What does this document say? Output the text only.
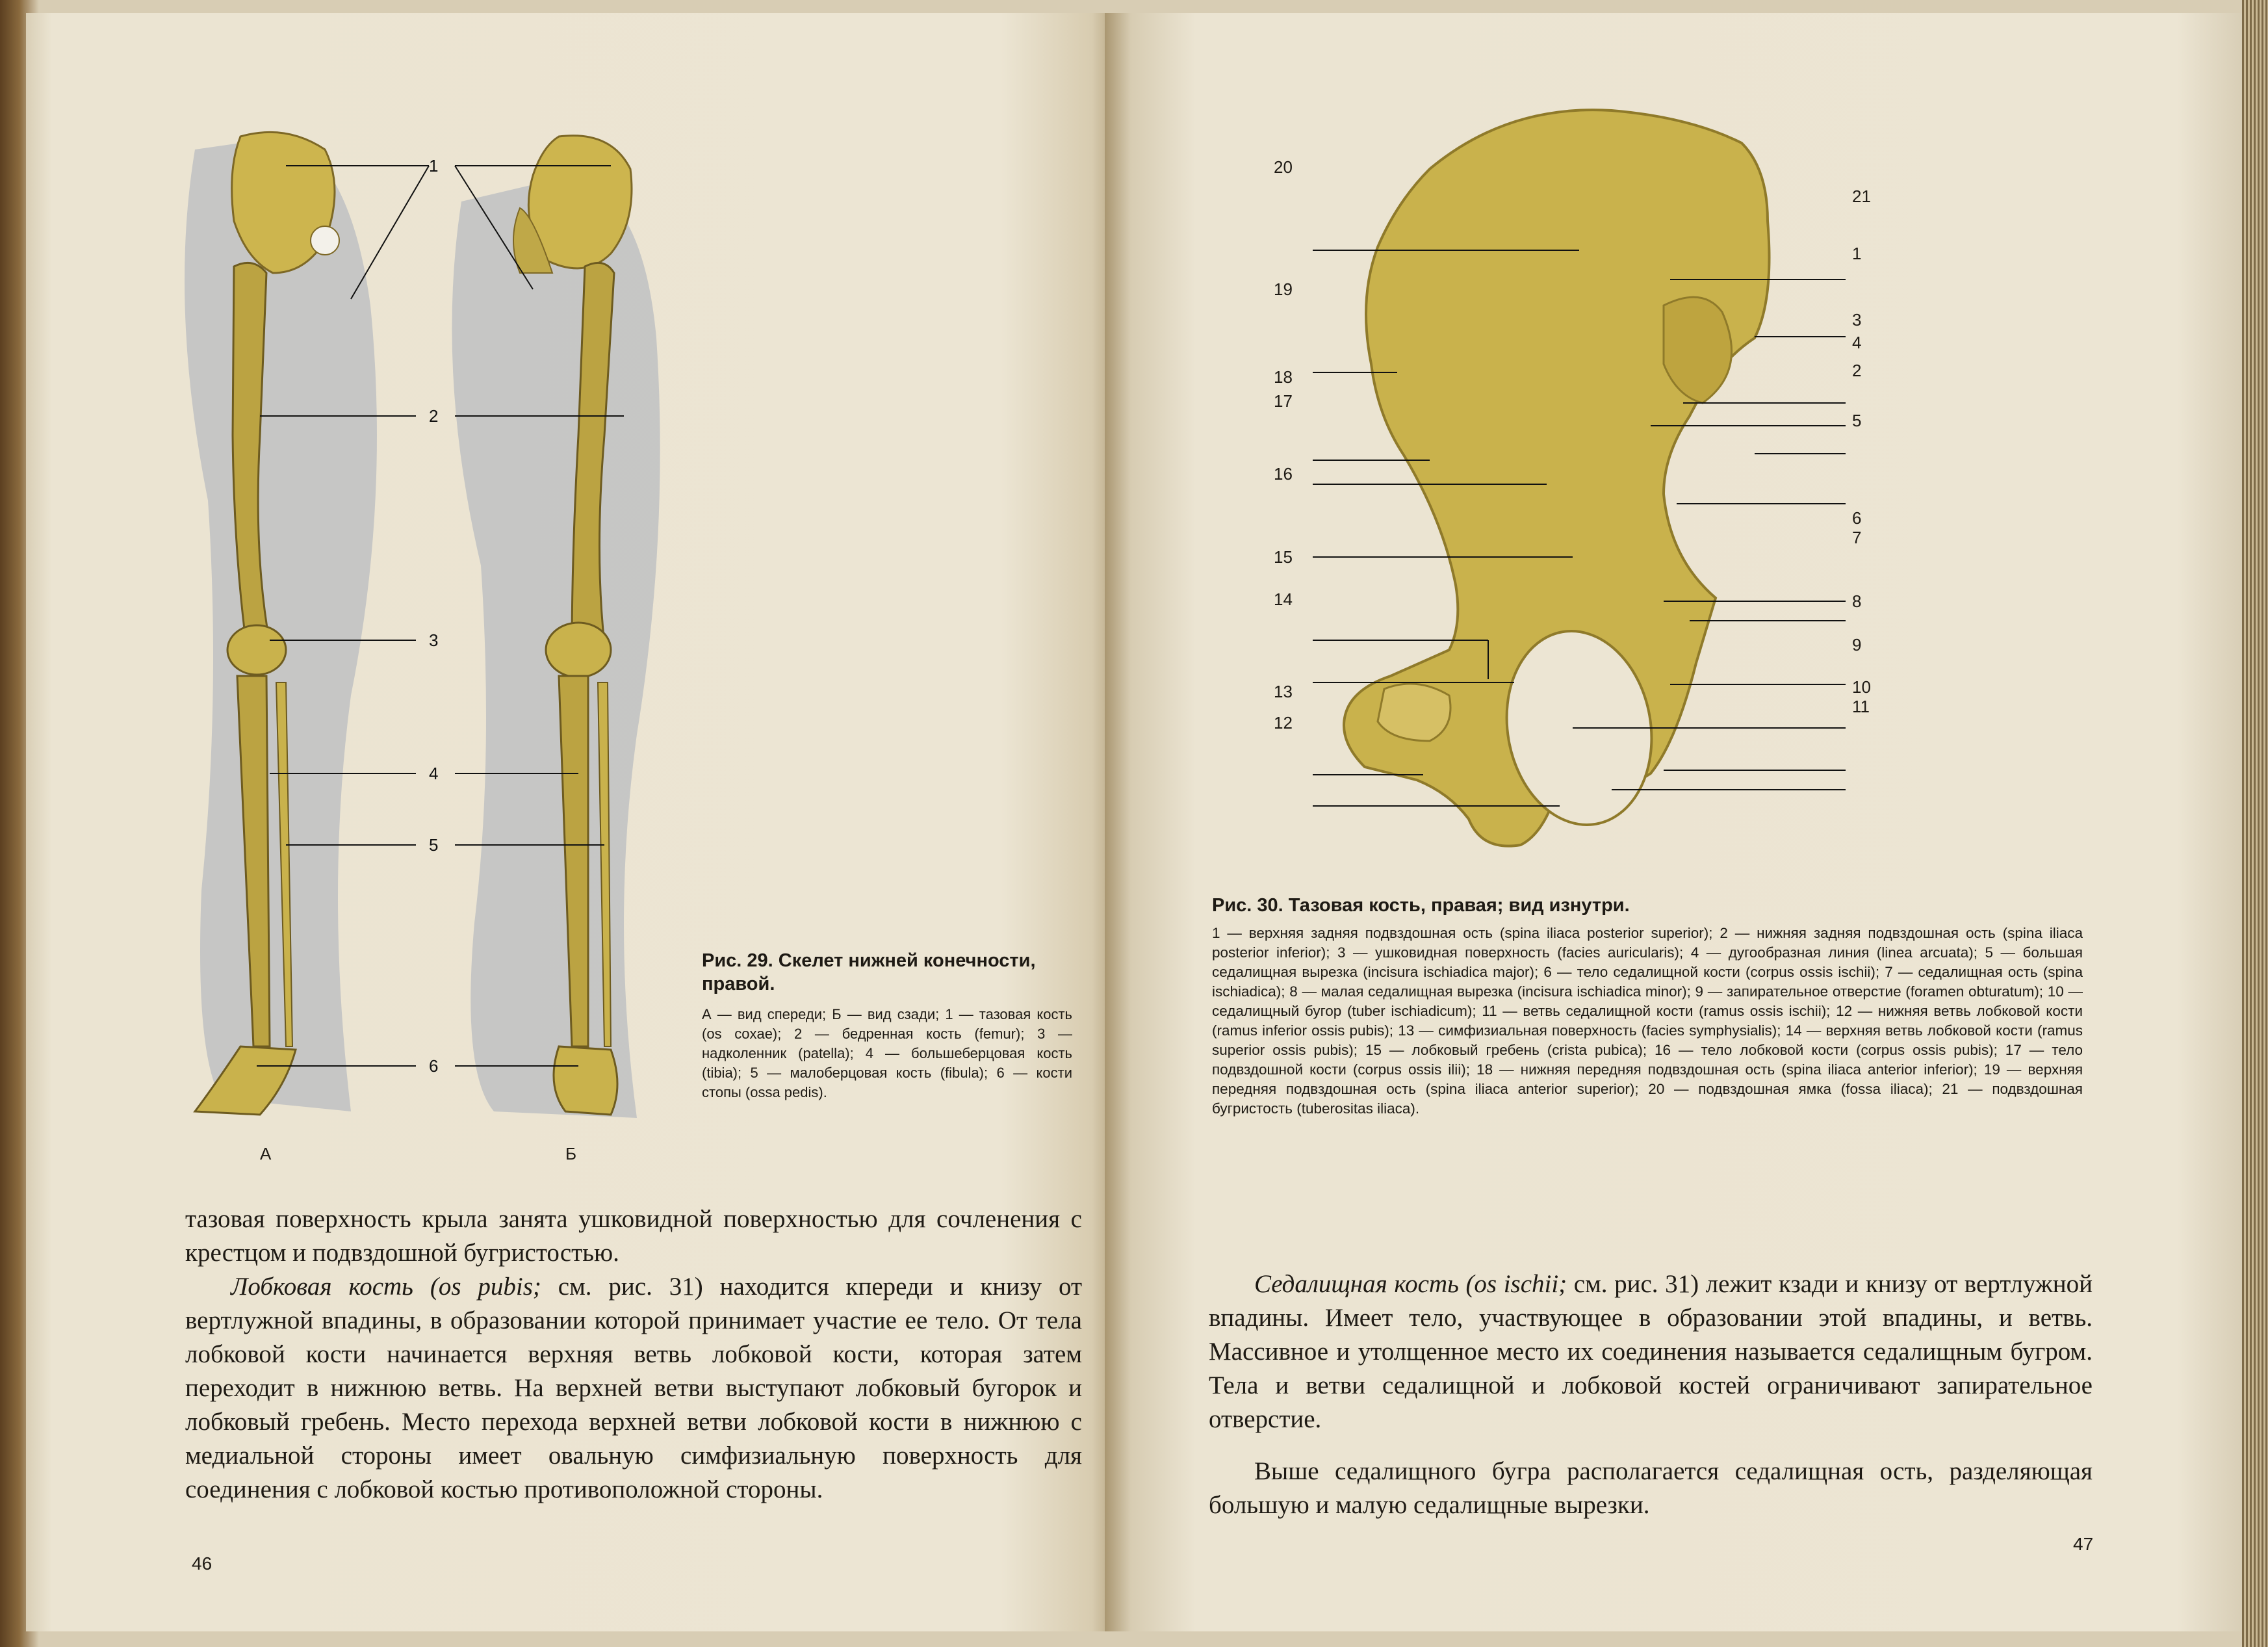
1
2
3
4
5
6
А	Б
Рис. 29. Скелет нижней конечности, правой.
А — вид спереди; Б — вид сзади; 1 — тазовая кость (os coxae); 2 — бедренная кость (femur); 3 — надколенник (patella); 4 — большеберцовая кость (tibia); 5 — малоберцовая кость (fibula); 6 — кости стопы (ossa pedis).

тазовая поверхность крыла занята ушковидной поверхностью для сочленения с крестцом и подвздошной бугристостью.

Лобковая кость (os pubis; см. рис. 31) находится кпереди и книзу от вертлужной впадины, в образовании которой принимает участие ее тело. От тела лобковой кости начинается верхняя ветвь лобковой кости, которая затем переходит в нижнюю ветвь. На верхней ветви выступают лобковый бугорок и лобковый гребень. Место перехода верхней ветви лобковой кости в нижнюю с медиальной стороны имеет овальную симфизиальную поверхность для соединения с лобковой костью противоположной стороны.

46
20
19
18
17
16
15
14
13
12
21
1
3
4
2
5
6
7
8
9
10
11
Рис. 30. Тазовая кость, правая; вид изнутри.
1 — верхняя задняя подвздошная ость (spina iliaca posterior superior); 2 — нижняя задняя подвздошная ость (spina iliaca posterior inferior); 3 — ушковидная поверхность (facies auricularis); 4 — дугообразная линия (linea arcuata); 5 — большая седалищная вырезка (incisura ischiadica major); 6 — тело седалищной кости (corpus ossis ischii); 7 — седалищная ость (spina ischiadica); 8 — малая седалищная вырезка (incisura ischiadica minor); 9 — запирательное отверстие (foramen obturatum); 10 — седалищный бугор (tuber ischiadicum); 11 — ветвь седалищной кости (ramus ossis ischii); 12 — нижняя ветвь лобковой кости (ramus inferior ossis pubis); 13 — симфизиальная поверхность (facies symphysialis); 14 — верхняя ветвь лобковой кости (ramus superior ossis pubis); 15 — лобковый гребень (crista pubica); 16 — тело лобковой кости (corpus ossis pubis); 17 — тело подвздошной кости (corpus ossis ilii); 18 — нижняя передняя подвздошная ость (spina iliaca anterior inferior); 19 — верхняя передняя подвздошная ость (spina iliaca anterior superior); 20 — подвздошная ямка (fossa iliaca); 21 — подвздошная бугристость (tuberositas iliaca).

Седалищная кость (os ischii; см. рис. 31) лежит кзади и книзу от вертлужной впадины. Имеет тело, участвующее в образовании этой впадины, и ветвь. Массивное и утолщенное место их соединения называется седалищным бугром. Тела и ветви седалищной и лобковой костей ограничивают запирательное отверстие.

Выше седалищного бугра располагается седалищная ость, разделяющая большую и малую седалищные вырезки.

47
